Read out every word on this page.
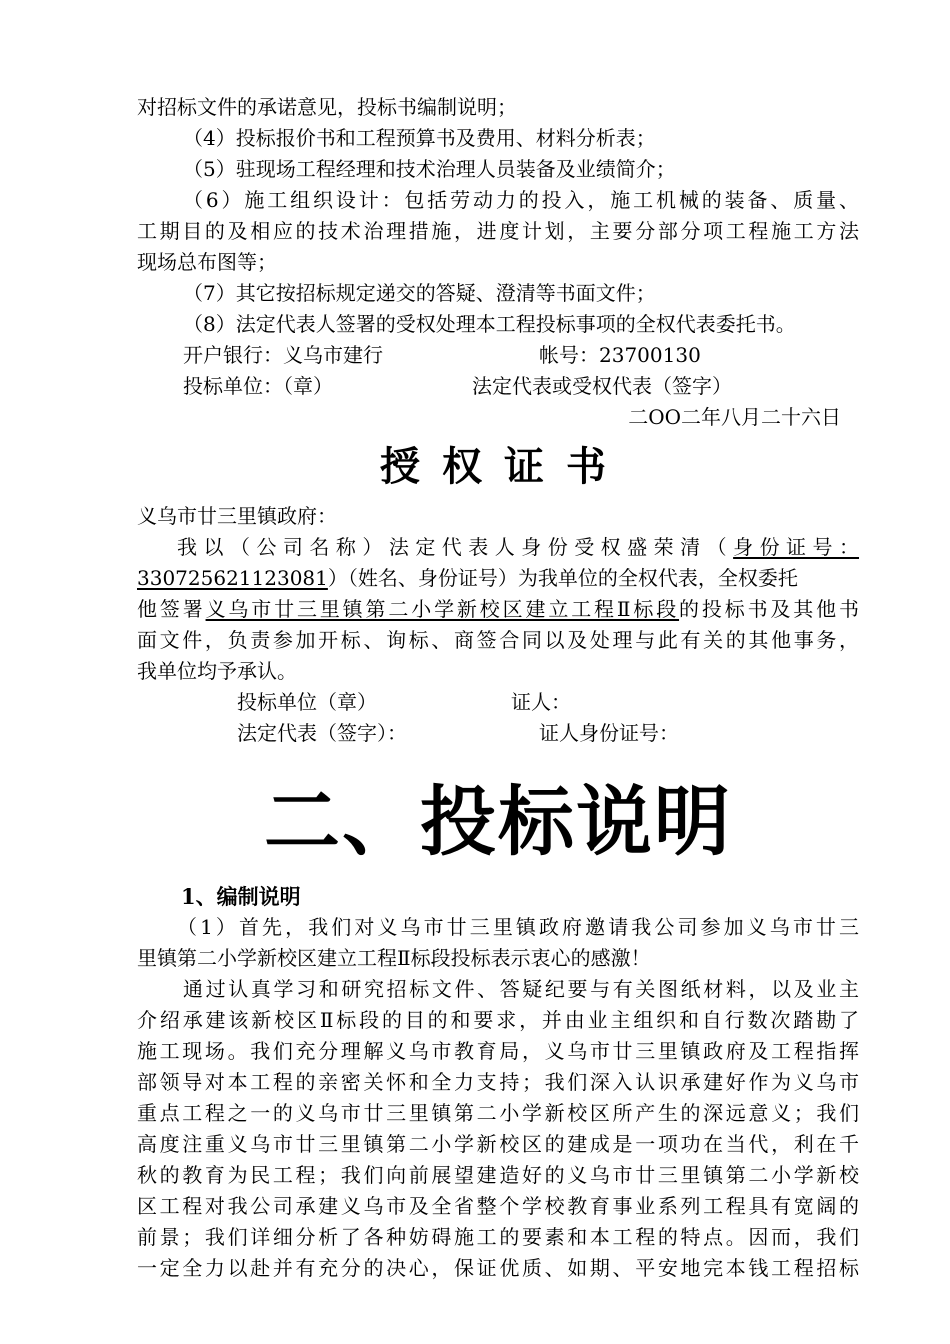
对招标文件的承诺意见，投标书编制说明；
（4）投标报价书和工程预算书及费用、材料分析表；
（5）驻现场工程经理和技术治理人员装备及业绩简介；
（6）施工组织设计：包括劳动力的投入，施工机械的装备、质量、
工期目的及相应的技术治理措施，进度计划，主要分部分项工程施工方法
现场总布图等；
（7）其它按招标规定递交的答疑、澄清等书面文件；
（8）法定代表人签署的受权处理本工程投标事项的全权代表委托书。
开户银行：义乌市建行	帐号：23700130
投标单位：（章）	法定代表或受权代表（签字）
二OO二年八月二十六日
授权证书
义乌市廿三里镇政府：
我以（公司名称）法定代表人身份受权盛荣清（身份证号：
330725621123081）（姓名、身份证号）为我单位的全权代表，全权委托
他签署义乌市廿三里镇第二小学新校区建立工程Ⅱ标段的投标书及其他书
面文件，负责参加开标、询标、商签合同以及处理与此有关的其他事务，
我单位均予承认。
投标单位（章）	证人：
法定代表（签字）：	证人身份证号：
二、投标说明
1、编制说明
（1）首先，我们对义乌市廿三里镇政府邀请我公司参加义乌市廿三
里镇第二小学新校区建立工程Ⅱ标段投标表示衷心的感激！
通过认真学习和研究招标文件、答疑纪要与有关图纸材料，以及业主
介绍承建该新校区Ⅱ标段的目的和要求，并由业主组织和自行数次踏勘了
施工现场。我们充分理解义乌市教育局，义乌市廿三里镇政府及工程指挥
部领导对本工程的亲密关怀和全力支持；我们深入认识承建好作为义乌市
重点工程之一的义乌市廿三里镇第二小学新校区所产生的深远意义；我们
高度注重义乌市廿三里镇第二小学新校区的建成是一项功在当代，利在千
秋的教育为民工程；我们向前展望建造好的义乌市廿三里镇第二小学新校
区工程对我公司承建义乌市及全省整个学校教育事业系列工程具有宽阔的
前景；我们详细分析了各种妨碍施工的要素和本工程的特点。因而，我们
一定全力以赴并有充分的决心，保证优质、如期、平安地完本钱工程招标
